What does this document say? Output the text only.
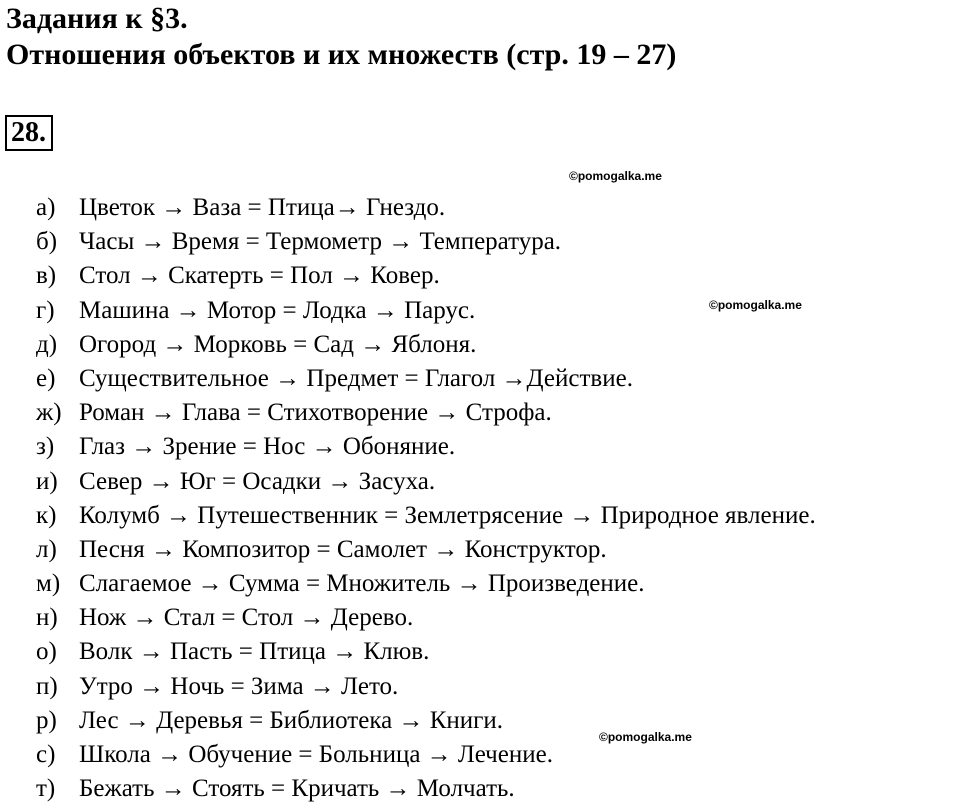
Задания к §3.
Отношения объектов и их множеств (стр. 19 – 27)
28.
©pomogalka.me
©pomogalka.me
©pomogalka.me
а) Цветок → Ваза = Птица→ Гнездо.
б) Часы → Время = Термометр → Температура.
в) Стол → Скатерть = Пол → Ковер.
г) Машина → Мотор = Лодка → Парус.
д) Огород → Морковь = Сад → Яблоня.
е) Существительное → Предмет = Глагол →Действие.
ж) Роман → Глава = Стихотворение → Строфа.
з) Глаз → Зрение = Нос → Обоняние.
и) Север → Юг = Осадки → Засуха.
к) Колумб → Путешественник = Землетрясение → Природное явление.
л) Песня → Композитор = Самолет → Конструктор.
м) Слагаемое → Сумма = Множитель → Произведение.
н) Нож → Стал = Стол → Дерево.
о) Волк → Пасть = Птица → Клюв.
п) Утро → Ночь = Зима → Лето.
р) Лес → Деревья = Библиотека → Книги.
с) Школа → Обучение = Больница → Лечение.
т) Бежать → Стоять = Кричать → Молчать.
